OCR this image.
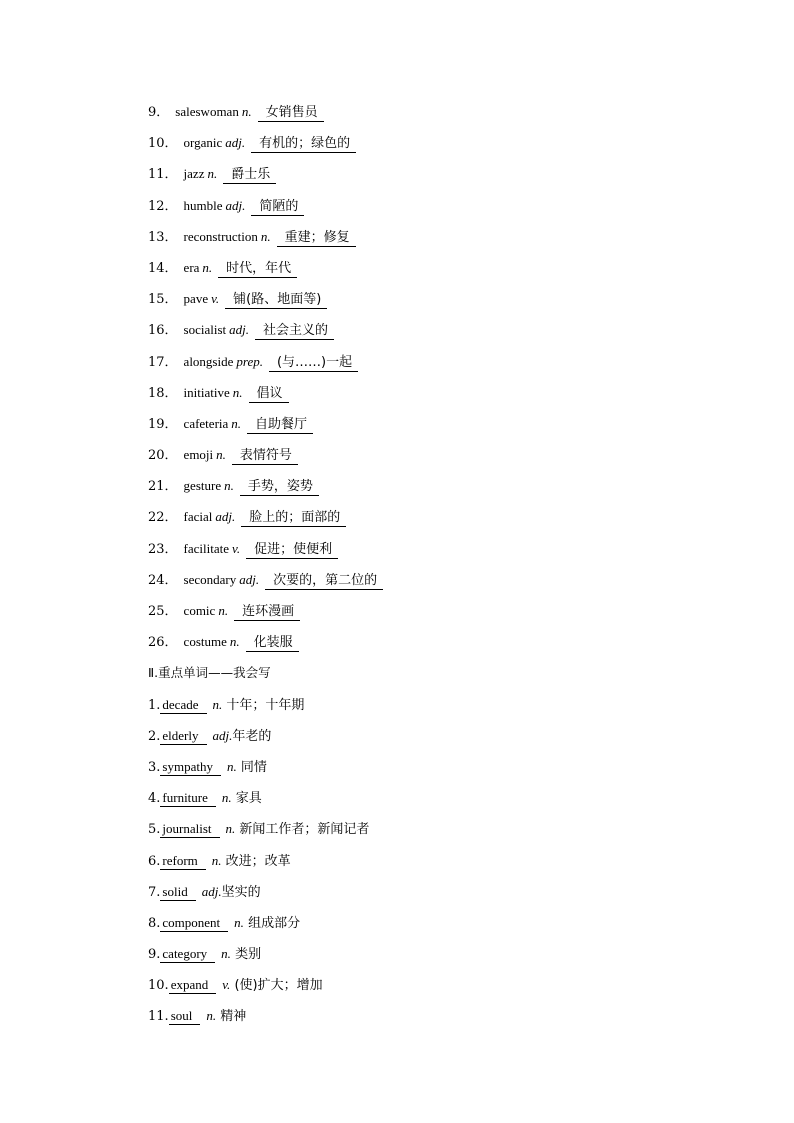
9． saleswoman n. 女销售员
10． organic adj. 有机的；绿色的
11． jazz n. 爵士乐
12． humble adj. 简陋的
13． reconstruction n. 重建；修复
14． era n. 时代，年代
15． pave v. 铺(路、地面等)
16． socialist adj. 社会主义的
17． alongside prep. (与……)一起
18． initiative n. 倡议
19． cafeteria n. 自助餐厅
20． emoji n. 表情符号
21． gesture n. 手势，姿势
22． facial adj. 脸上的；面部的
23． facilitate v. 促进；使便利
24． secondary adj. 次要的，第二位的
25． comic n. 连环漫画
26． costume n. 化装服
Ⅱ.重点单词——我会写
1. decade n. 十年；十年期
2. elderly adj.年老的
3. sympathy n. 同情
4. furniture n. 家具
5. journalist n. 新闻工作者；新闻记者
6. reform n. 改进；改革
7. solid adj.坚实的
8. component n. 组成部分
9. category n. 类别
10. expand v. (使)扩大；增加
11. soul n. 精神
